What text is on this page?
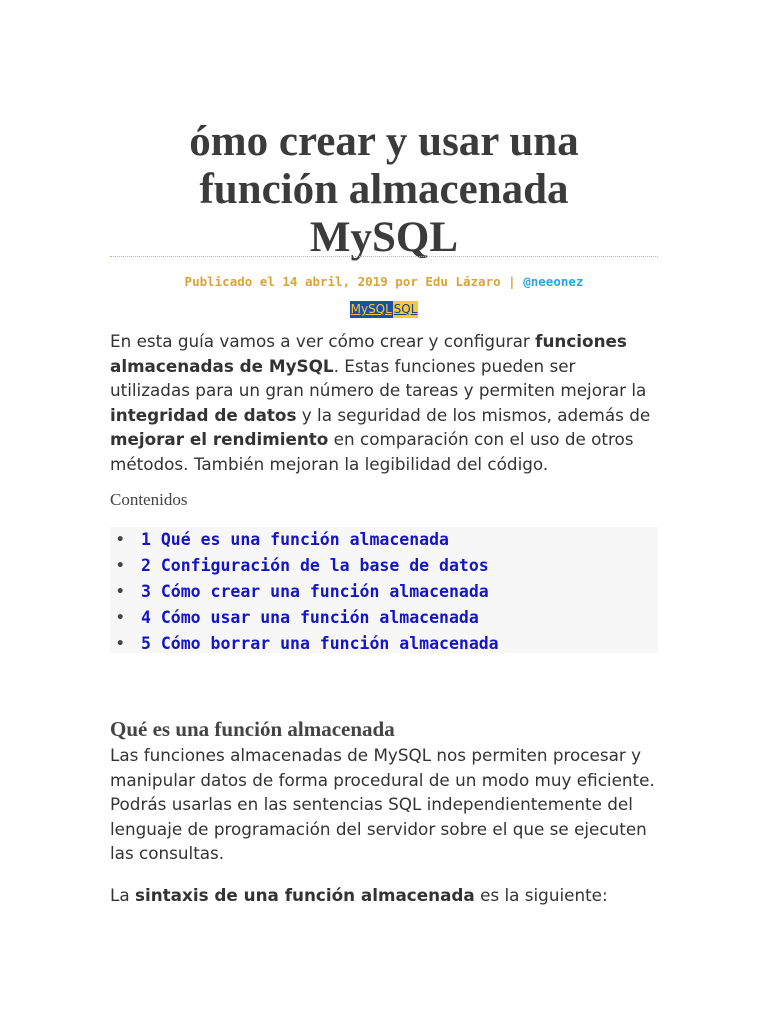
ómo crear y usar una
función almacenada
MySQL
Publicado el 14 abril, 2019 por Edu Lázaro | @neeonez
MySQL SQL

En esta guía vamos a ver cómo crear y configurar funciones almacenadas de MySQL. Estas funciones pueden ser utilizadas para un gran número de tareas y permiten mejorar la integridad de datos y la seguridad de los mismos, además de mejorar el rendimiento en comparación con el uso de otros métodos. También mejoran la legibilidad del código.

Contenidos
• 1 Qué es una función almacenada
• 2 Configuración de la base de datos
• 3 Cómo crear una función almacenada
• 4 Cómo usar una función almacenada
• 5 Cómo borrar una función almacenada
Qué es una función almacenada

Las funciones almacenadas de MySQL nos permiten procesar y manipular datos de forma procedural de un modo muy eficiente. Podrás usarlas en las sentencias SQL independientemente del lenguaje de programación del servidor sobre el que se ejecuten las consultas.

La sintaxis de una función almacenada es la siguiente:
